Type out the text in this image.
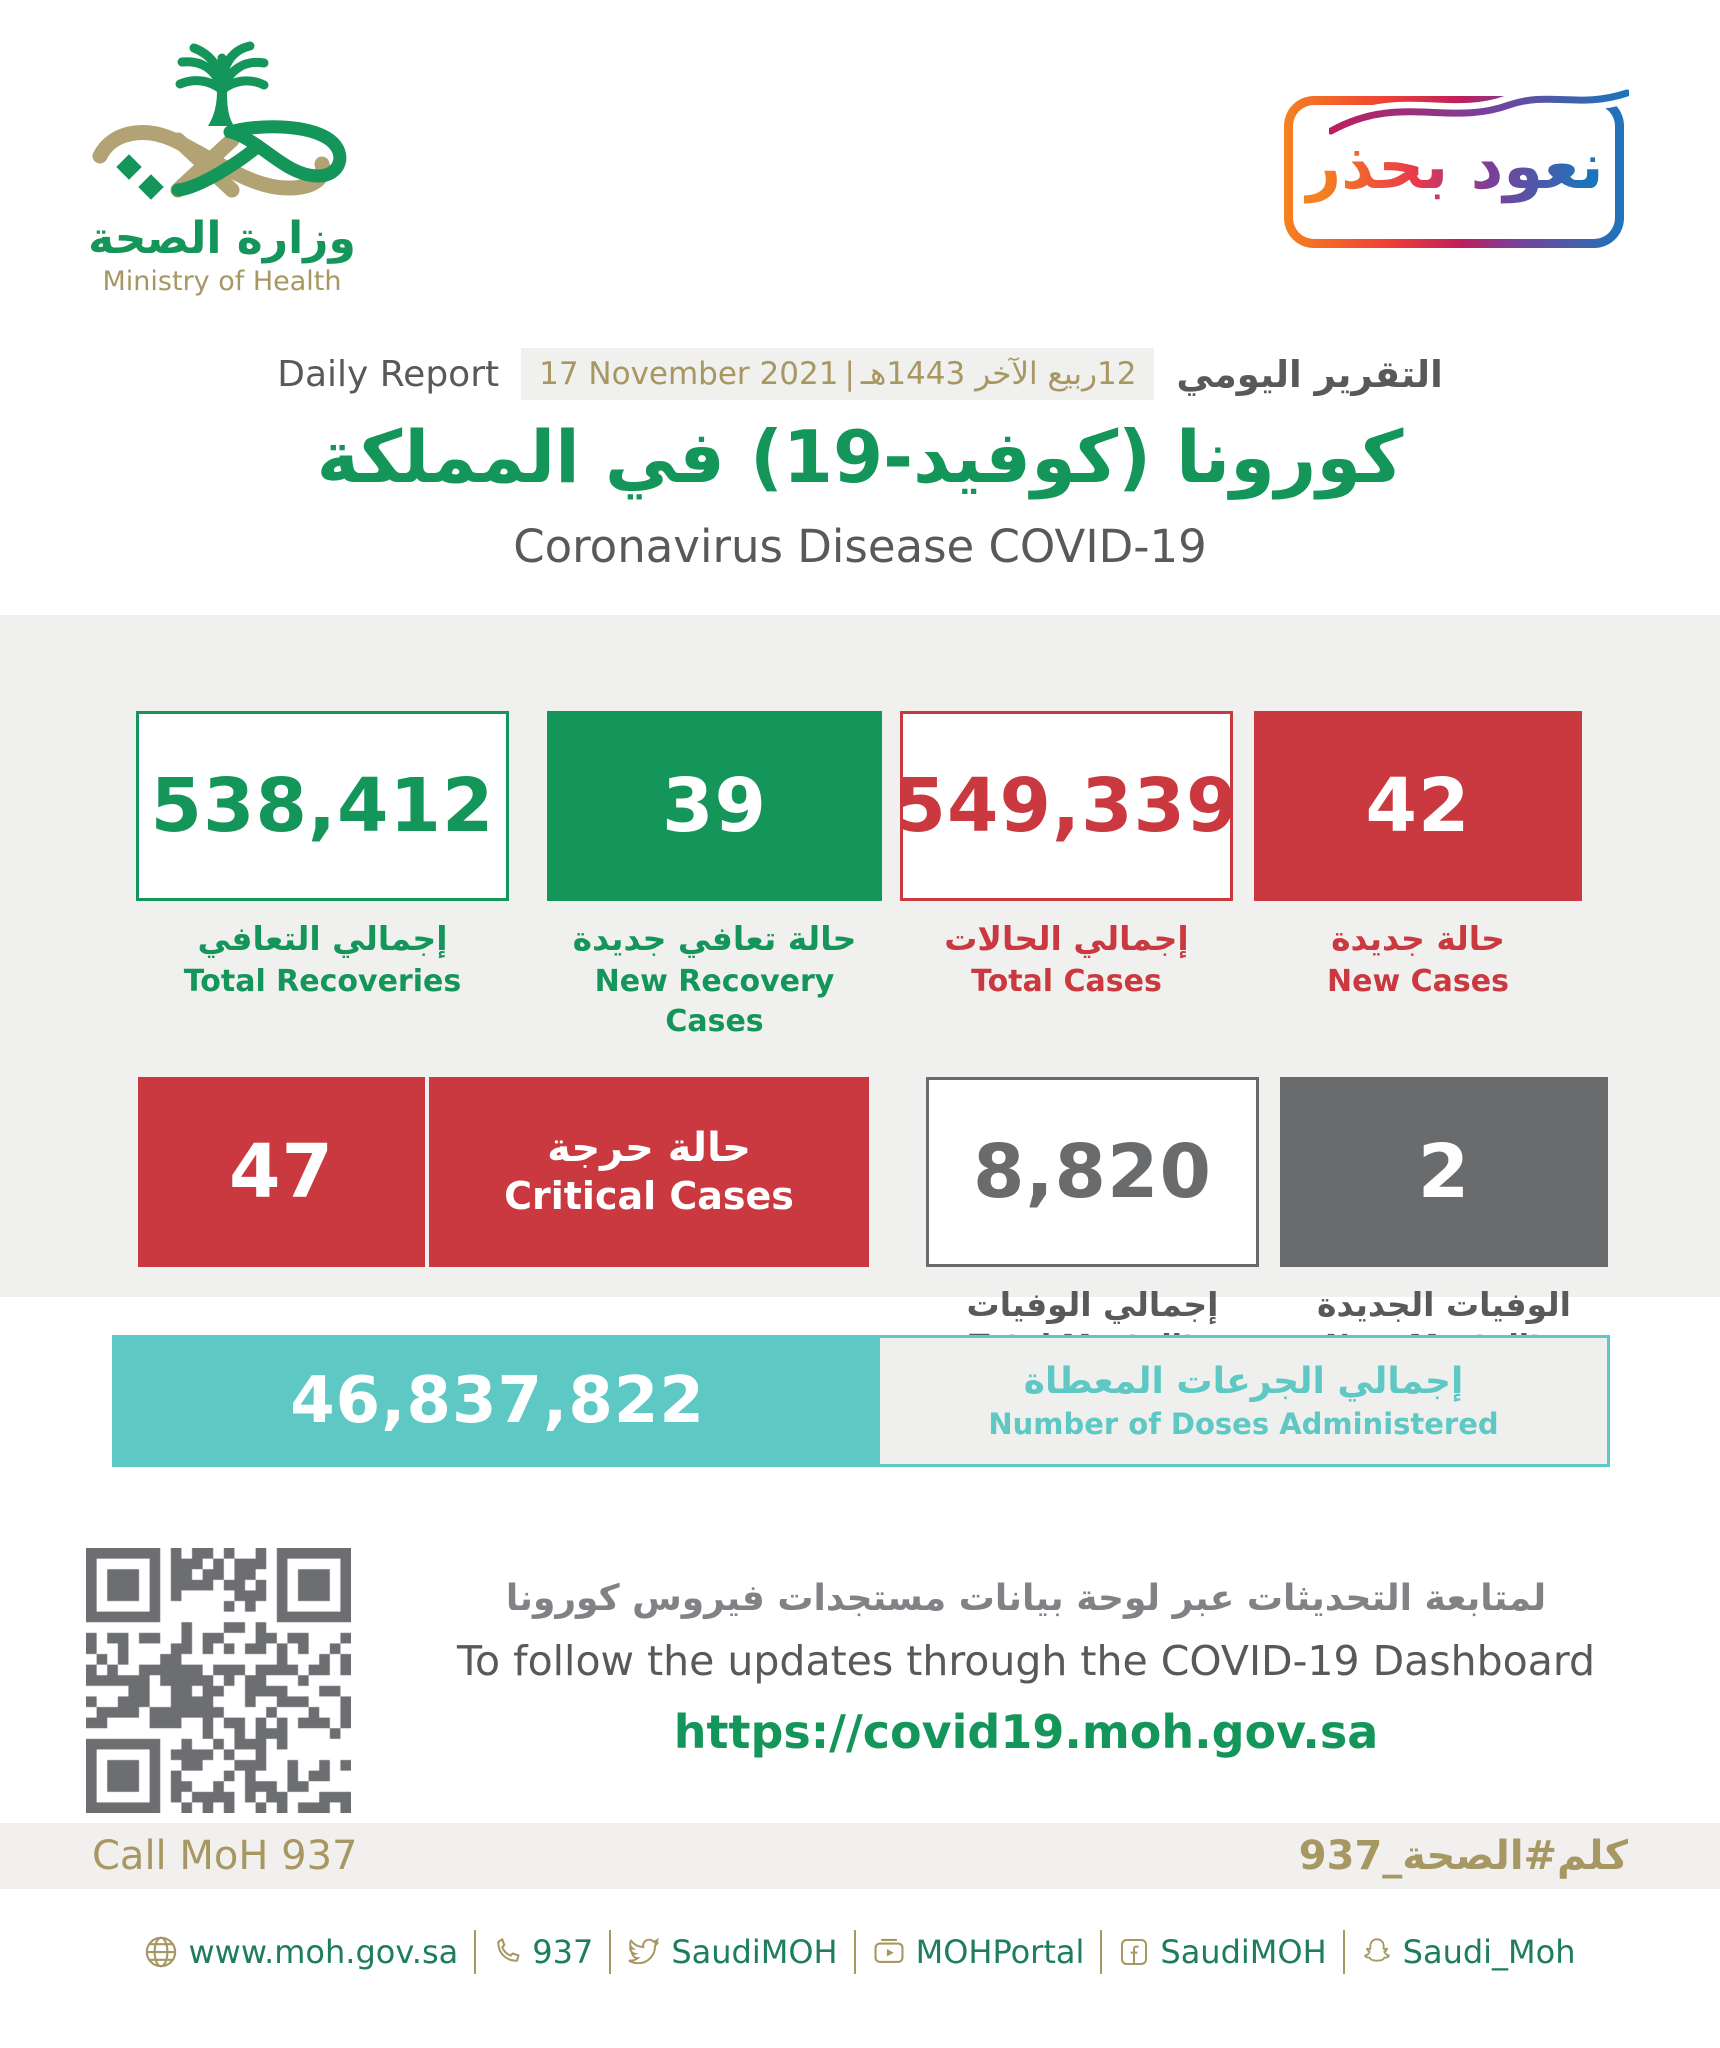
وزارة الصحة
Ministry of Health
نعود بحذر
Daily Report	12ربيع الآخر 1443هـ
|
17 November 2021	التقرير اليومي
كورونا (كوفيد-19) في المملكة
Coronavirus Disease COVID-19
538,412
إجمالي التعافي
Total Recoveries
39
حالة تعافي جديدة
New Recovery Cases
549,339
إجمالي الحالات
Total Cases
42
حالة جديدة
New Cases
47	حالة حرجة
Critical Cases	8,820
إجمالي الوفيات
2
الوفيات الجديدة
46,837,822	إجمالي الجرعات المعطاة
Number of Doses Administered
لمتابعة التحديثات عبر لوحة بيانات مستجدات فيروس كورونا
To follow the updates through the COVID-19 Dashboard
https://covid19.moh.gov.sa
Call MoH 937	كلم#الصحة_937
www.moh.gov.sa 937 SaudiMOH MOHPortal SaudiMOH Saudi_Moh
